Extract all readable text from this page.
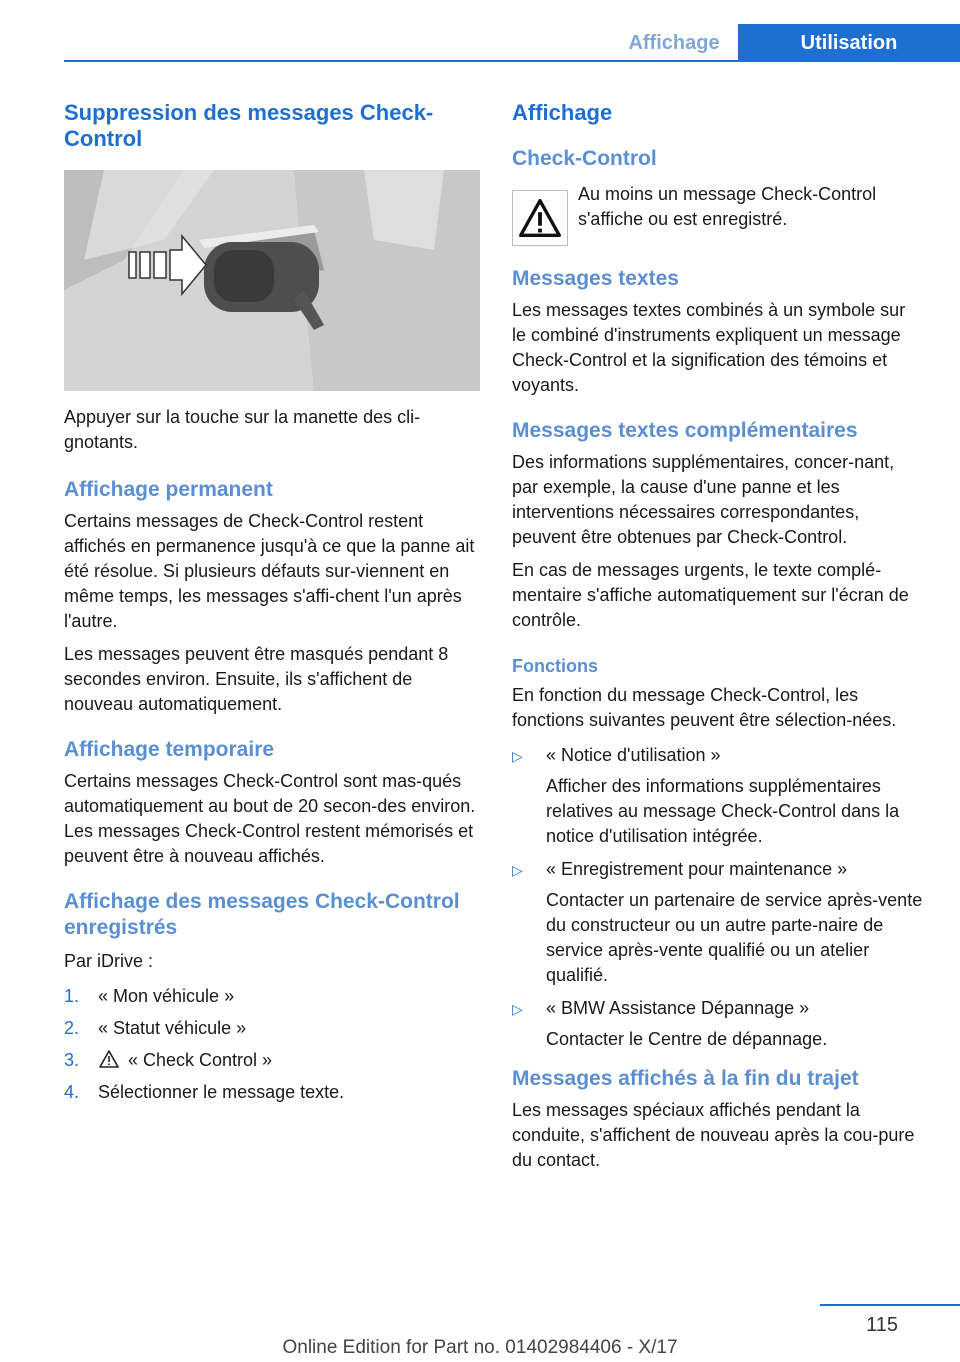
Affichage	Utilisation
Suppression des messages Check-Control

Appuyer sur la touche sur la manette des cli-gnotants.

Affichage permanent

Certains messages de Check-Control restent affichés en permanence jusqu'à ce que la panne ait été résolue. Si plusieurs défauts sur-viennent en même temps, les messages s'affi-chent l'un après l'autre.

Les messages peuvent être masqués pendant 8 secondes environ. Ensuite, ils s'affichent de nouveau automatiquement.

Affichage temporaire

Certains messages Check-Control sont mas-qués automatiquement au bout de 20 secon-des environ. Les messages Check-Control restent mémorisés et peuvent être à nouveau affichés.

Affichage des messages Check-Control enregistrés

Par iDrive :

1. « Mon véhicule »
2. « Statut véhicule »
3.	« Check Control »
4. Sélectionner le message texte.
Affichage
Check-Control

Au moins un message Check-Control s'affiche ou est enregistré.

Messages textes

Les messages textes combinés à un symbole sur le combiné d'instruments expliquent un message Check-Control et la signification des témoins et voyants.

Messages textes complémentaires

Des informations supplémentaires, concer-nant, par exemple, la cause d'une panne et les interventions nécessaires correspondantes, peuvent être obtenues par Check-Control.

En cas de messages urgents, le texte complé-mentaire s'affiche automatiquement sur l'écran de contrôle.

Fonctions

En fonction du message Check-Control, les fonctions suivantes peuvent être sélection-nées.

▷ « Notice d'utilisation »

Afficher des informations supplémentaires relatives au message Check-Control dans la notice d'utilisation intégrée.

▷ « Enregistrement pour maintenance »

Contacter un partenaire de service après-vente du constructeur ou un autre parte-naire de service après-vente qualifié ou un atelier qualifié.

▷ « BMW Assistance Dépannage »

Contacter le Centre de dépannage.

Messages affichés à la fin du trajet

Les messages spéciaux affichés pendant la conduite, s'affichent de nouveau après la cou-pure du contact.

115
Online Edition for Part no. 01402984406 - X/17
